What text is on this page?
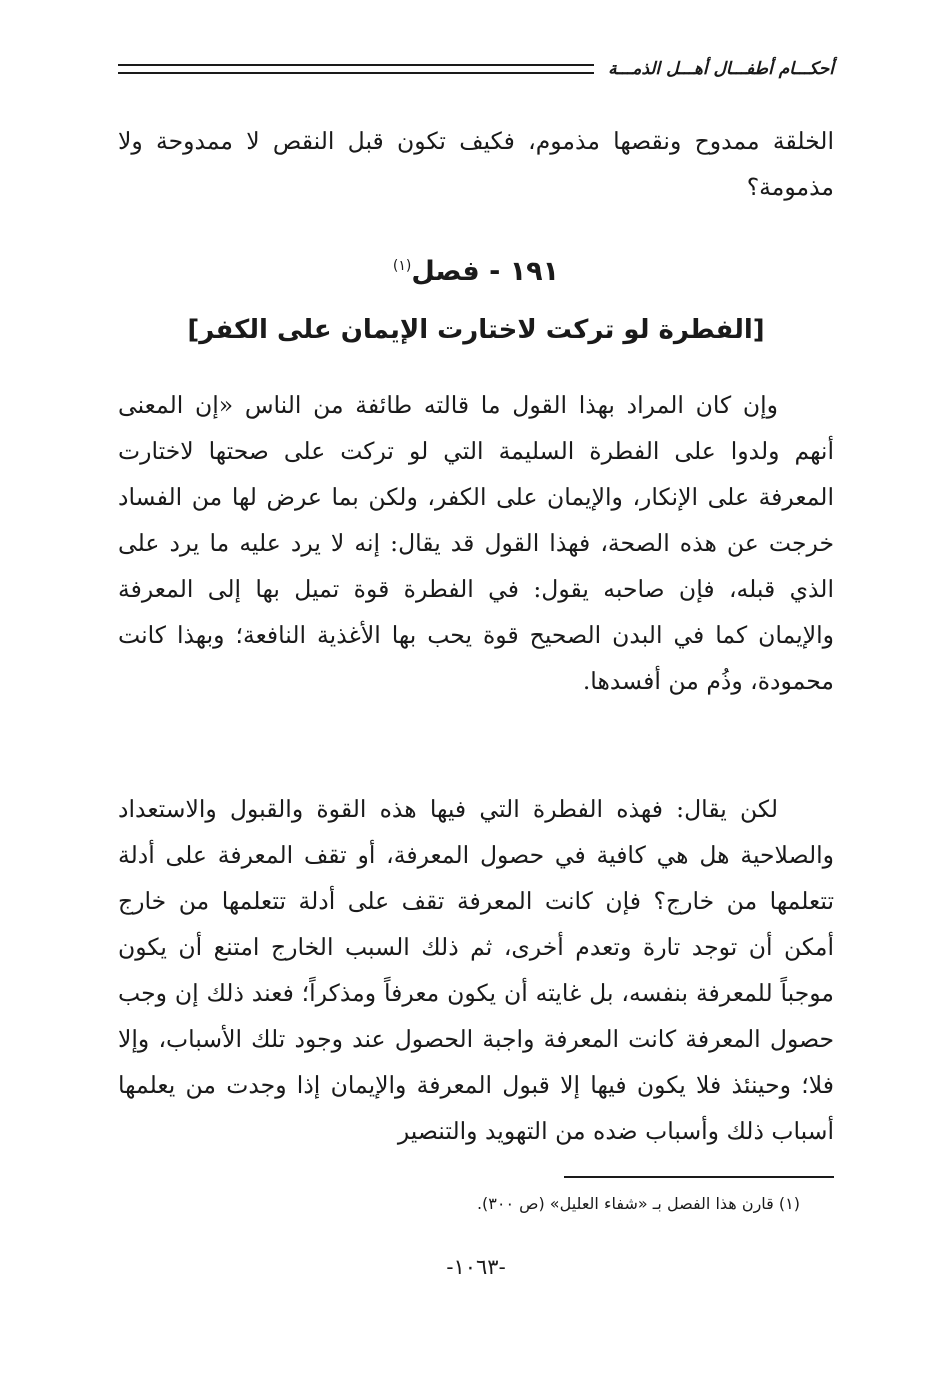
أحكـــام أطفـــال أهـــل الذمـــة

الخلقة ممدوح ونقصها مذموم، فكيف تكون قبل النقص لا ممدوحة ولا مذمومة؟

١٩١ - فصل$^{(١)}$
[الفطرة لو تركت لاختارت الإيمان على الكفر]

وإن كان المراد بهذا القول ما قالته طائفة من الناس «إن المعنى أنهم ولدوا على الفطرة السليمة التي لو تركت على صحتها لاختارت المعرفة على الإنكار، والإيمان على الكفر، ولكن بما عرض لها من الفساد خرجت عن هذه الصحة، فهذا القول قد يقال: إنه لا يرد عليه ما يرد على الذي قبله، فإن صاحبه يقول: في الفطرة قوة تميل بها إلى المعرفة والإيمان كما في البدن الصحيح قوة يحب بها الأغذية النافعة؛ وبهذا كانت محمودة، وذُم من أفسدها.

لكن يقال: فهذه الفطرة التي فيها هذه القوة والقبول والاستعداد والصلاحية هل هي كافية في حصول المعرفة، أو تقف المعرفة على أدلة تتعلمها من خارج؟ فإن كانت المعرفة تقف على أدلة تتعلمها من خارج أمكن أن توجد تارة وتعدم أخرى، ثم ذلك السبب الخارج امتنع أن يكون موجباً للمعرفة بنفسه، بل غايته أن يكون معرفاً ومذكراً؛ فعند ذلك إن وجب حصول المعرفة كانت المعرفة واجبة الحصول عند وجود تلك الأسباب، وإلا فلا؛ وحينئذ فلا يكون فيها إلا قبول المعرفة والإيمان إذا وجدت من يعلمها أسباب ذلك وأسباب ضده من التهويد والتنصير

(١) قارن هذا الفصل بـ «شفاء العليل» (ص ٣٠٠).
-١٠٦٣-
